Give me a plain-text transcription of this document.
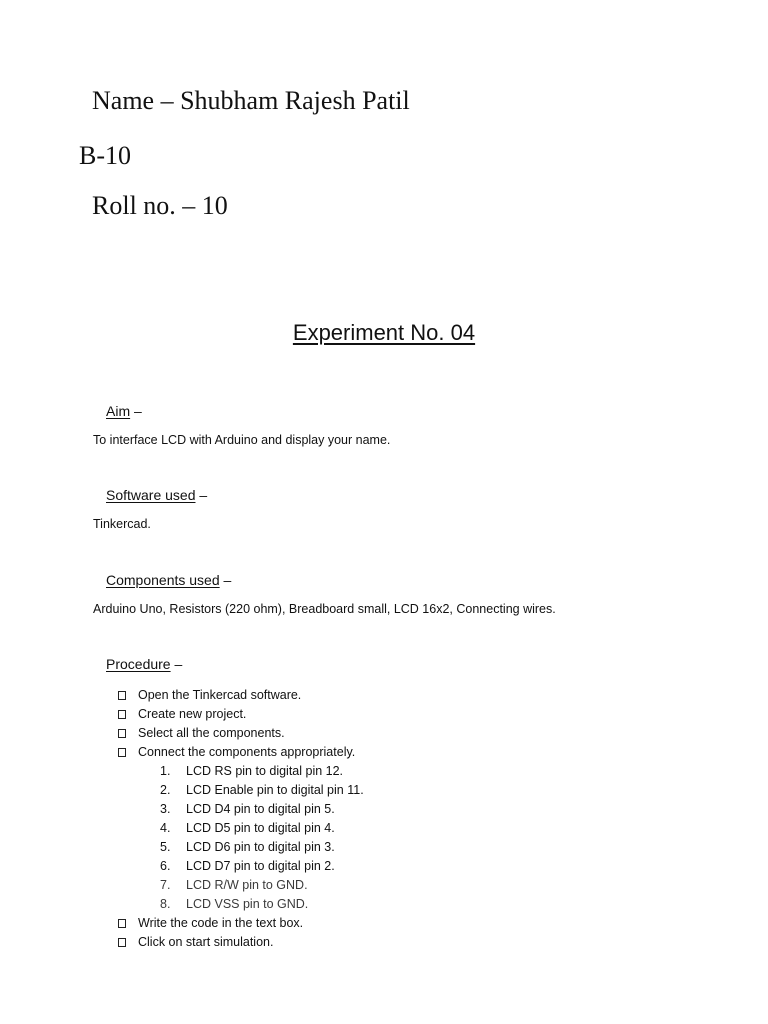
Name – Shubham Rajesh Patil
B-10
Roll no. – 10
Experiment No. 04
Aim –
To interface LCD with Arduino and display your name.
Software used –
Tinkercad.
Components used –
Arduino Uno, Resistors (220 ohm), Breadboard small, LCD 16x2, Connecting wires.
Procedure –
Open the Tinkercad software.
Create new project.
Select all the components.
Connect the components appropriately.
1. LCD RS pin to digital pin 12.
2. LCD Enable pin to digital pin 11.
3. LCD D4 pin to digital pin 5.
4. LCD D5 pin to digital pin 4.
5. LCD D6 pin to digital pin 3.
6. LCD D7 pin to digital pin 2.
7. LCD R/W pin to GND.
8. LCD VSS pin to GND.
Write the code in the text box.
Click on start simulation.
